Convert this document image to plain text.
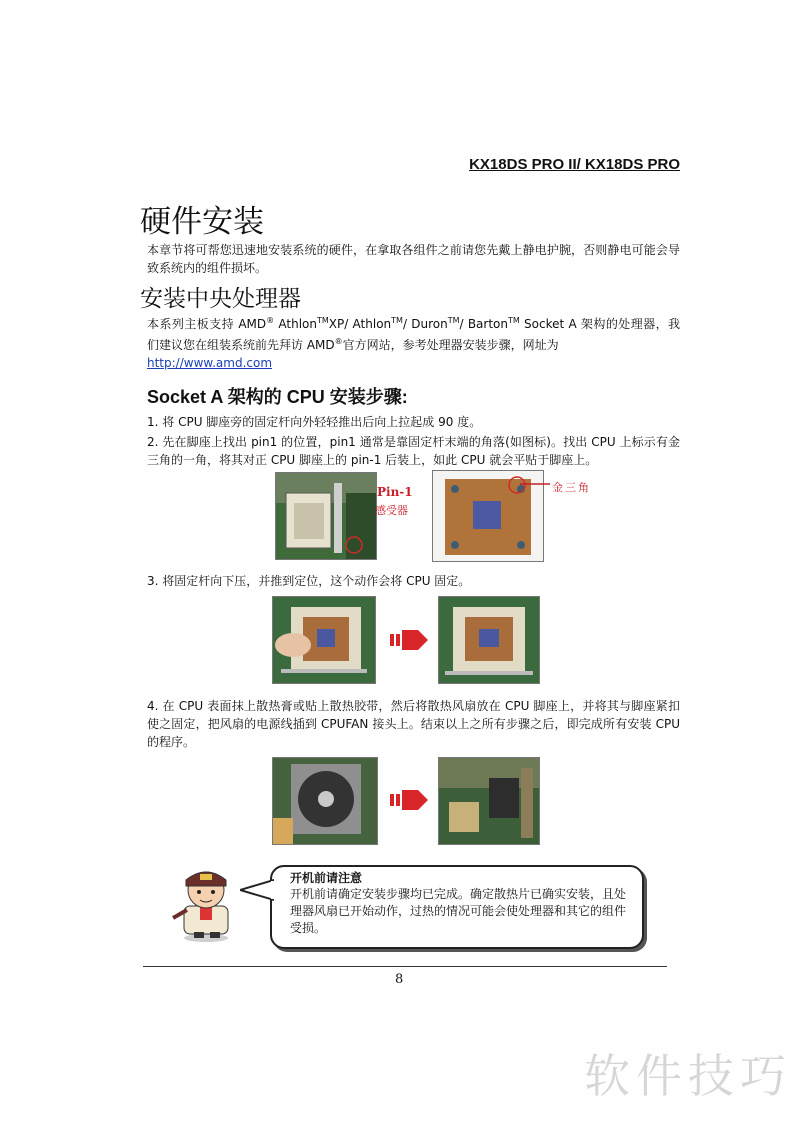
KX18DS PRO II/ KX18DS PRO
硬件安装
本章节将可帮您迅速地安装系统的硬件，在拿取各组件之前请您先戴上静电护腕，否则静电可能会导致系统内的组件损坏。
安装中央处理器
本系列主板支持 AMD® Athlon™XP/ Athlon™/ Duron™/ Barton™ Socket A 架构的处理器，我们建议您在组装系统前先拜访 AMD®官方网站，参考处理器安装步骤，网址为
http://www.amd.com
Socket A 架构的 CPU 安装步骤:
1. 将 CPU 脚座旁的固定杆向外轻轻推出后向上拉起成 90 度。
2. 先在脚座上找出 pin1 的位置，pin1 通常是靠固定杆末端的角落(如图标)。找出 CPU 上标示有金三角的一角，将其对正 CPU 脚座上的 pin-1 后装上，如此 CPU 就会平贴于脚座上。
Pin-1
感受器
金三角
3. 将固定杆向下压，并推到定位，这个动作会将 CPU 固定。
4. 在 CPU 表面抹上散热膏或贴上散热胶带，然后将散热风扇放在 CPU 脚座上，并将其与脚座紧扣使之固定，把风扇的电源线插到 CPUFAN 接头上。结束以上之所有步骤之后，即完成所有安装 CPU 的程序。
开机前请注意
开机前请确定安装步骤均已完成。确定散热片已确实安装，且处理器风扇已开始动作，过热的情况可能会使处理器和其它的组件受损。
8
软件技巧
